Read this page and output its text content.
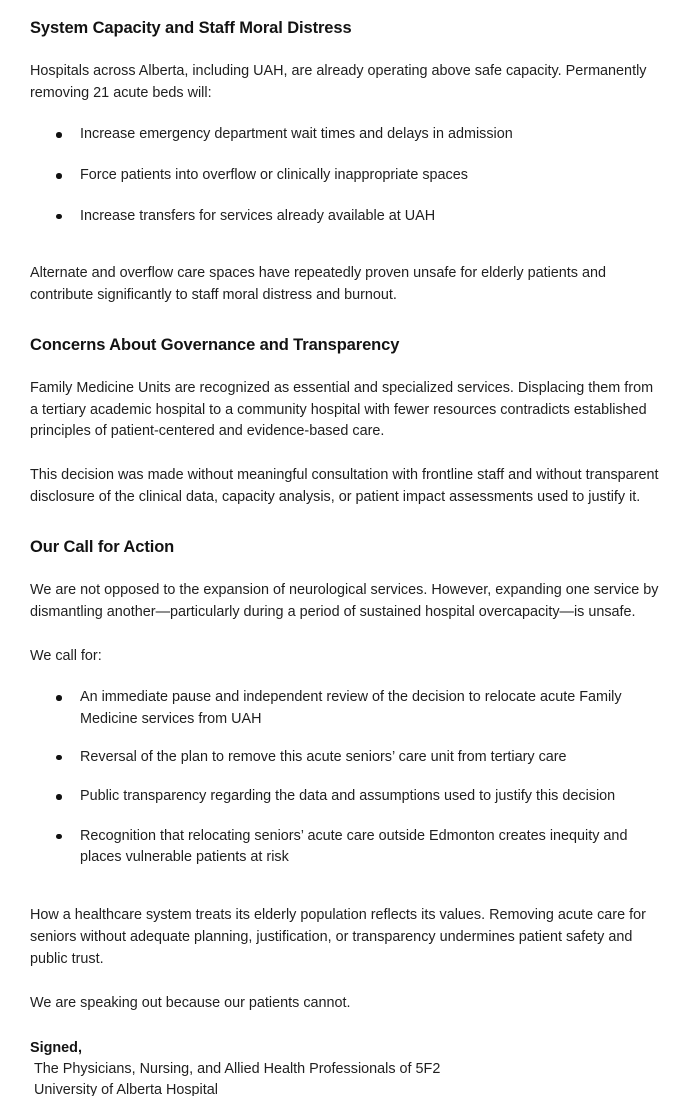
System Capacity and Staff Moral Distress

Hospitals across Alberta, including UAH, are already operating above safe capacity. Permanently removing 21 acute beds will:

Increase emergency department wait times and delays in admission
Force patients into overflow or clinically inappropriate spaces
Increase transfers for services already available at UAH

Alternate and overflow care spaces have repeatedly proven unsafe for elderly patients and contribute significantly to staff moral distress and burnout.

Concerns About Governance and Transparency

Family Medicine Units are recognized as essential and specialized services. Displacing them from a tertiary academic hospital to a community hospital with fewer resources contradicts established principles of patient-centered and evidence-based care.

This decision was made without meaningful consultation with frontline staff and without transparent disclosure of the clinical data, capacity analysis, or patient impact assessments used to justify it.

Our Call for Action

We are not opposed to the expansion of neurological services. However, expanding one service by dismantling another—particularly during a period of sustained hospital overcapacity—is unsafe.

We call for:

An immediate pause and independent review of the decision to relocate acute Family Medicine services from UAH
Reversal of the plan to remove this acute seniors’ care unit from tertiary care
Public transparency regarding the data and assumptions used to justify this decision
Recognition that relocating seniors’ acute care outside Edmonton creates inequity and places vulnerable patients at risk

How a healthcare system treats its elderly population reflects its values. Removing acute care for seniors without adequate planning, justification, or transparency undermines patient safety and public trust.

We are speaking out because our patients cannot.

Signed,
The Physicians, Nursing, and Allied Health Professionals of 5F2
University of Alberta Hospital
